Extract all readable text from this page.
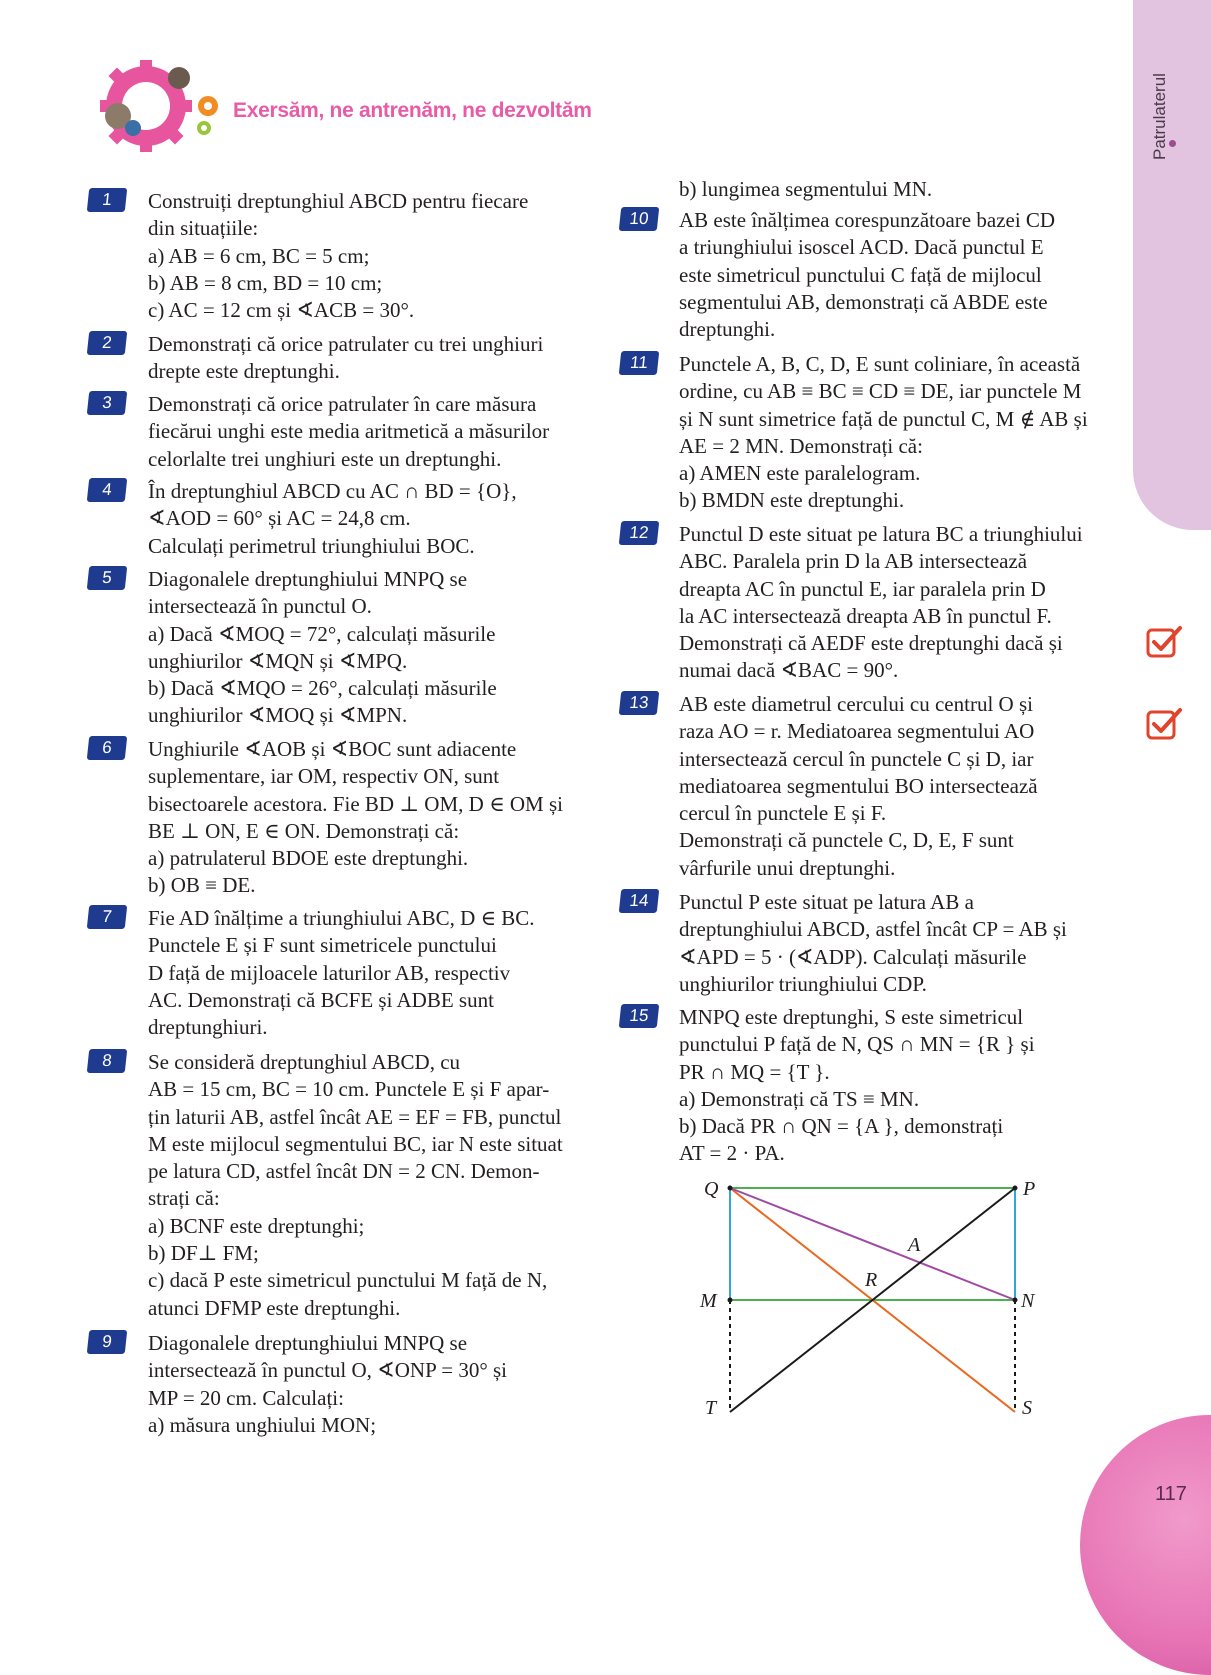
Patrulaterul
Exersăm, ne antrenăm, ne dezvoltăm
1	Construiți dreptunghiul ABCD pentru fiecare
din situațiile:
a) AB = 6 cm, BC = 5 cm;
b) AB = 8 cm, BD = 10 cm;
c) AC = 12 cm și ∢ACB = 30°.
2	Demonstrați că orice patrulater cu trei unghiuri
drepte este dreptunghi.
3	Demonstrați că orice patrulater în care măsura
fiecărui unghi este media aritmetică a măsurilor
celorlalte trei unghiuri este un dreptunghi.
4	În dreptunghiul ABCD cu AC ∩ BD = {O},
∢AOD = 60° și AC = 24,8 cm.
Calculați perimetrul triunghiului BOC.
5	Diagonalele dreptunghiului MNPQ se
intersectează în punctul O.
a) Dacă ∢MOQ = 72°, calculați măsurile
unghiurilor ∢MQN și ∢MPQ.
b) Dacă ∢MQO = 26°, calculați măsurile
unghiurilor ∢MOQ și ∢MPN.
6	Unghiurile ∢AOB și ∢BOC sunt adiacente
suplementare, iar OM, respectiv ON, sunt
bisectoarele acestora. Fie BD ⊥ OM, D ∈ OM și
BE ⊥ ON, E ∈ ON. Demonstrați că:
a) patrulaterul BDOE este dreptunghi.
b) OB ≡ DE.
7	Fie AD înălțime a triunghiului ABC, D ∈ BC.
Punctele E și F sunt simetricele punctului
D față de mijloacele laturilor AB, respectiv
AC. Demonstrați că BCFE și ADBE sunt
dreptunghiuri.
8	Se consideră dreptunghiul ABCD, cu
AB = 15 cm, BC = 10 cm. Punctele E și F apar-
țin laturii AB, astfel încât AE = EF = FB, punctul
M este mijlocul segmentului BC, iar N este situat
pe latura CD, astfel încât DN = 2 CN. Demon-
strați că:
a) BCNF este dreptunghi;
b) DF⊥ FM;
c) dacă P este simetricul punctului M față de N,
atunci DFMP este dreptunghi.
9	Diagonalele dreptunghiului MNPQ se
intersectează în punctul O, ∢ONP = 30° și
MP = 20 cm. Calculați:
a) măsura unghiului MON;
b) lungimea segmentului MN.
10	AB este înălțimea corespunzătoare bazei CD
a triunghiului isoscel ACD. Dacă punctul E
este simetricul punctului C față de mijlocul
segmentului AB, demonstrați că ABDE este
dreptunghi.
11	Punctele A, B, C, D, E sunt coliniare, în această
ordine, cu AB ≡ BC ≡ CD ≡ DE, iar punctele M
și N sunt simetrice față de punctul C, M ∉ AB și
AE = 2 MN. Demonstrați că:
a) AMEN este paralelogram.
b) BMDN este dreptunghi.
12	Punctul D este situat pe latura BC a triunghiului
ABC. Paralela prin D la AB intersectează
dreapta AC în punctul E, iar paralela prin D
la AC intersectează dreapta AB în punctul F.
Demonstrați că AEDF este dreptunghi dacă și
numai dacă ∢BAC = 90°.
13	AB este diametrul cercului cu centrul O și
raza AO = r. Mediatoarea segmentului AO
intersectează cercul în punctele C și D, iar
mediatoarea segmentului BO intersectează
cercul în punctele E și F.
Demonstrați că punctele C, D, E, F sunt
vârfurile unui dreptunghi.
14	Punctul P este situat pe latura AB a
dreptunghiului ABCD, astfel încât CP = AB și
∢APD = 5 · (∢ADP). Calculați măsurile
unghiurilor triunghiului CDP.
15	MNPQ este dreptunghi, S este simetricul
punctului P față de N, QS ∩ MN = {R } și
PR ∩ MQ = {T }.
a) Demonstrați că TS ≡ MN.
b) Dacă PR ∩ QN = {A }, demonstrați
AT = 2 · PA.
Q	P
A
R
M	N
T	S
117
